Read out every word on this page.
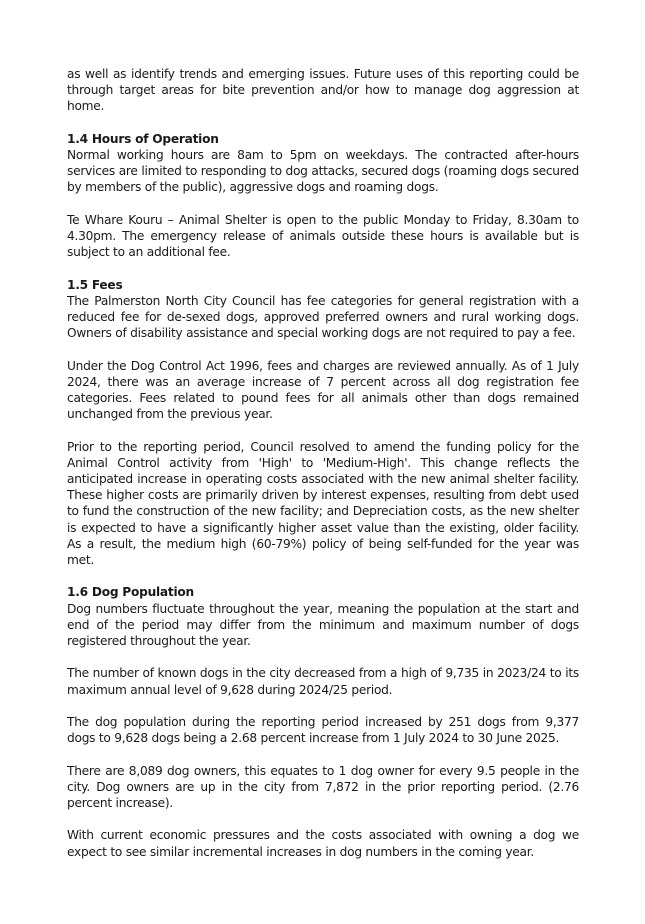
as well as identify trends and emerging issues. Future uses of this reporting could be through target areas for bite prevention and/or how to manage dog aggression at home.

1.4 Hours of Operation

Normal working hours are 8am to 5pm on weekdays. The contracted after-hours services are limited to responding to dog attacks, secured dogs (roaming dogs secured by members of the public), aggressive dogs and roaming dogs.

Te Whare Kouru – Animal Shelter is open to the public Monday to Friday, 8.30am to 4.30pm. The emergency release of animals outside these hours is available but is subject to an additional fee.

1.5 Fees

The Palmerston North City Council has fee categories for general registration with a reduced fee for de-sexed dogs, approved preferred owners and rural working dogs. Owners of disability assistance and special working dogs are not required to pay a fee.

Under the Dog Control Act 1996, fees and charges are reviewed annually. As of 1 July 2024, there was an average increase of 7 percent across all dog registration fee categories. Fees related to pound fees for all animals other than dogs remained unchanged from the previous year.

Prior to the reporting period, Council resolved to amend the funding policy for the Animal Control activity from 'High' to 'Medium-High'. This change reflects the anticipated increase in operating costs associated with the new animal shelter facility. These higher costs are primarily driven by interest expenses, resulting from debt used to fund the construction of the new facility; and Depreciation costs, as the new shelter is expected to have a significantly higher asset value than the existing, older facility. As a result, the medium high (60-79%) policy of being self-funded for the year was met.

1.6 Dog Population

Dog numbers fluctuate throughout the year, meaning the population at the start and end of the period may differ from the minimum and maximum number of dogs registered throughout the year.

The number of known dogs in the city decreased from a high of 9,735 in 2023/24 to its maximum annual level of 9,628 during 2024/25 period.

The dog population during the reporting period increased by 251 dogs from 9,377 dogs to 9,628 dogs being a 2.68 percent increase from 1 July 2024 to 30 June 2025.

There are 8,089 dog owners, this equates to 1 dog owner for every 9.5 people in the city. Dog owners are up in the city from 7,872 in the prior reporting period. (2.76 percent increase).

With current economic pressures and the costs associated with owning a dog we expect to see similar incremental increases in dog numbers in the coming year.
